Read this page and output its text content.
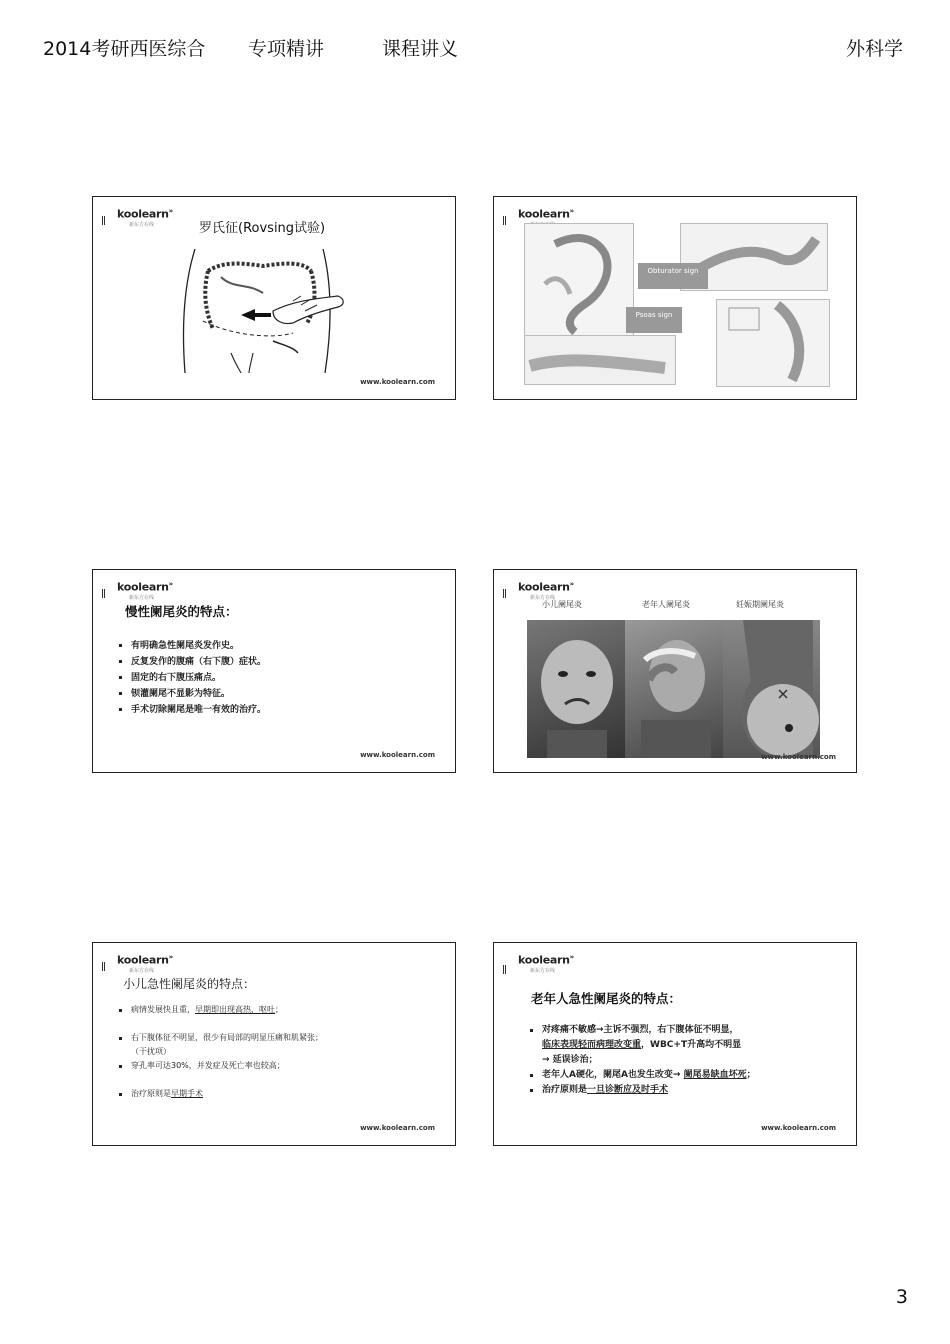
2014考研西医综合 专项精讲	课程讲义	外科学
koolearn»
新东方在线	罗氏征(Rovsing试验)
www.koolearn.com
koolearn»
Obturator sign
Psoas sign
koolearn»
新东方在线
慢性阑尾炎的特点：
有明确急性阑尾炎发作史。
反复发作的腹痛（右下腹）症状。
固定的右下腹压痛点。
钡灌阑尾不显影为特征。
手术切除阑尾是唯一有效的治疗。
www.koolearn.com
koolearn»
新东方在线
小儿阑尾炎	老年人阑尾炎	妊娠期阑尾炎
www.koolearn.com
koolearn»
新东方在线
小儿急性阑尾炎的特点：
病情发展快且重，早期即出现高热，呕吐；
右下腹体征不明显，很少有局部的明显压痛和肌紧张；
（干扰项）
穿孔率可达30%，并发症及死亡率也较高；
治疗原则是早期手术
www.koolearn.com
koolearn»
新东方在线
老年人急性阑尾炎的特点：
对疼痛不敏感→主诉不强烈，右下腹体征不明显，
临床表现轻而病理改变重，WBC+T升高均不明显
→ 延误诊治；
老年人A硬化，阑尾A也发生改变→ 阑尾易缺血坏死；
治疗原则是一旦诊断应及时手术
www.koolearn.com
3
